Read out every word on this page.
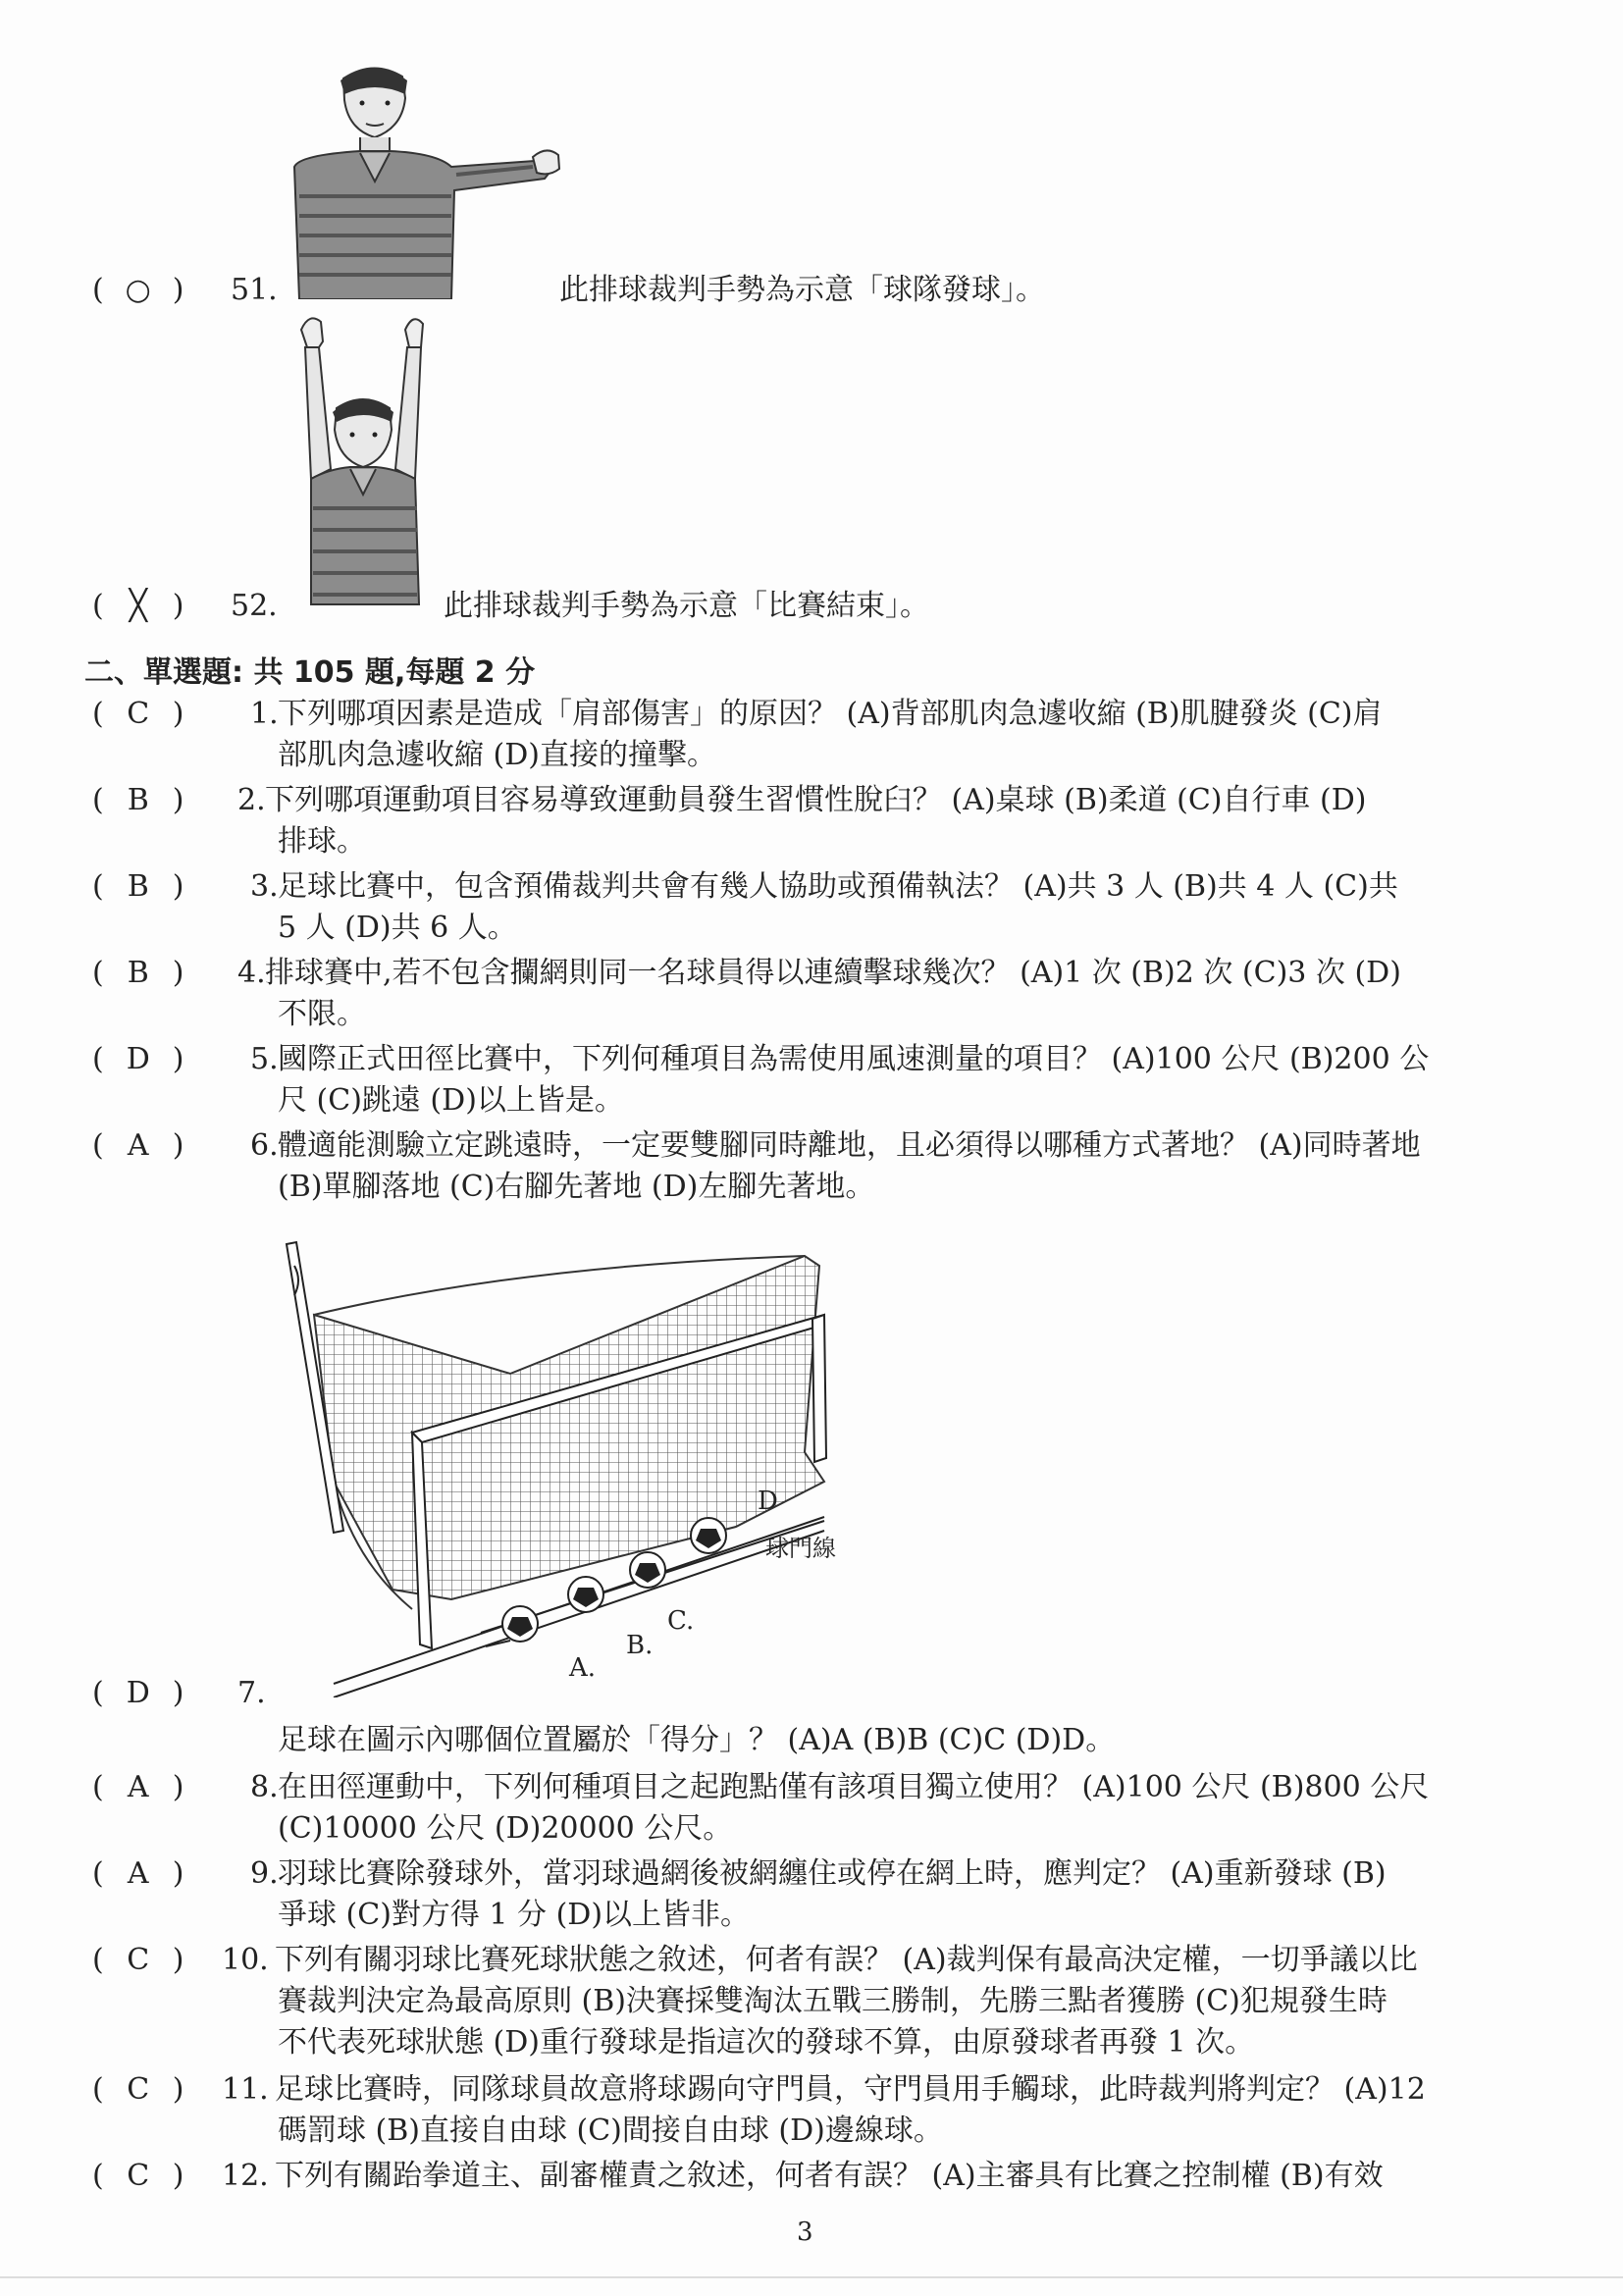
( ○ ) 51.	此排球裁判手勢為示意「球隊發球」。
( ╳ ) 52.	此排球裁判手勢為示意「比賽結束」。
二、單選題: 共 105 題,每題 2 分
( C ) 1. 下列哪項因素是造成「肩部傷害」的原因？ (A)背部肌肉急遽收縮 (B)肌腱發炎 (C)肩
部肌肉急遽收縮 (D)直接的撞擊。
( B ) 2. 下列哪項運動項目容易導致運動員發生習慣性脫臼？ (A)桌球 (B)柔道 (C)自行車 (D)
排球。
( B ) 3. 足球比賽中，包含預備裁判共會有幾人協助或預備執法？ (A)共 3 人 (B)共 4 人 (C)共
5 人 (D)共 6 人。
( B ) 4. 排球賽中,若不包含攔網則同一名球員得以連續擊球幾次？ (A)1 次 (B)2 次 (C)3 次 (D)
不限。
( D ) 5. 國際正式田徑比賽中，下列何種項目為需使用風速測量的項目？ (A)100 公尺 (B)200 公
尺 (C)跳遠 (D)以上皆是。
( A ) 6. 體適能測驗立定跳遠時，一定要雙腳同時離地，且必須得以哪種方式著地？ (A)同時著地
(B)單腳落地 (C)右腳先著地 (D)左腳先著地。
D
球門線
C.
B.
A.
( D ) 7.
足球在圖示內哪個位置屬於「得分」？ (A)A (B)B (C)C (D)D。
( A ) 8. 在田徑運動中，下列何種項目之起跑點僅有該項目獨立使用？ (A)100 公尺 (B)800 公尺
(C)10000 公尺 (D)20000 公尺。
( A ) 9. 羽球比賽除發球外，當羽球過網後被網纏住或停在網上時，應判定？ (A)重新發球 (B)
爭球 (C)對方得 1 分 (D)以上皆非。
( C ) 10. 下列有關羽球比賽死球狀態之敘述，何者有誤？ (A)裁判保有最高決定權，一切爭議以比
賽裁判決定為最高原則 (B)決賽採雙淘汰五戰三勝制，先勝三點者獲勝 (C)犯規發生時
不代表死球狀態 (D)重行發球是指這次的發球不算，由原發球者再發 1 次。
( C ) 11. 足球比賽時，同隊球員故意將球踢向守門員，守門員用手觸球，此時裁判將判定？ (A)12
碼罰球 (B)直接自由球 (C)間接自由球 (D)邊線球。
( C ) 12. 下列有關跆拳道主、副審權責之敘述，何者有誤？ (A)主審具有比賽之控制權 (B)有效
3
